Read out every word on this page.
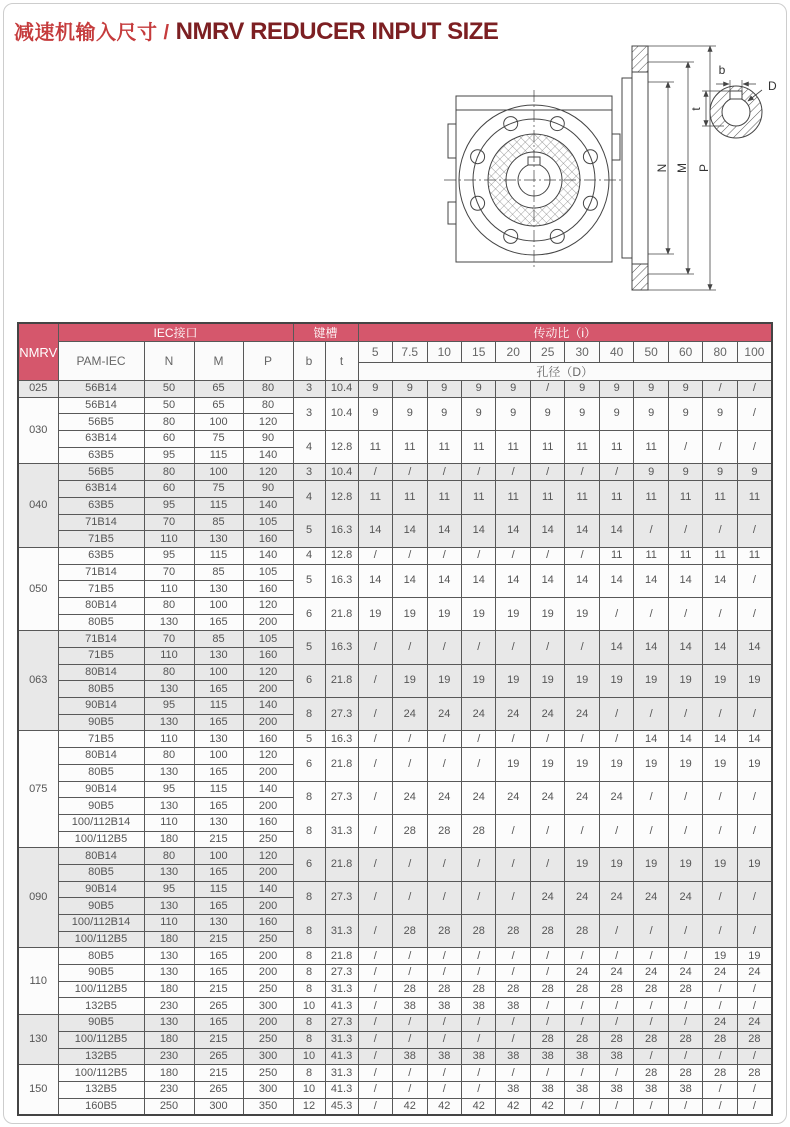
减速机输入尺寸 / NMRV REDUCER INPUT SIZE
N M P
b
D
t
NMRV	IEC接口				键槽		传动比（i）											
	PAM-IEC	N	M	P	b	t	5	7.5	10	15	20	25	30	40	50	60	80	100
							孔径（D）											
025	56B14	50	65	80	3	10.4	9	9	9	9	9	/	9	9	9	9	/	/
030	56B14	50	65	80	3	10.4	9	9	9	9	9	9	9	9	9	9	9	/
	56B5	80	100	120														
	63B14	60	75	90	4	12.8	11	11	11	11	11	11	11	11	11	/	/	/
	63B5	95	115	140														
040	56B5	80	100	120	3	10.4	/	/	/	/	/	/	/	/	9	9	9	9
	63B14	60	75	90	4	12.8	11	11	11	11	11	11	11	11	11	11	11	11
	63B5	95	115	140														
	71B14	70	85	105	5	16.3	14	14	14	14	14	14	14	14	/	/	/	/
	71B5	110	130	160														
050	63B5	95	115	140	4	12.8	/	/	/	/	/	/	/	11	11	11	11	11
	71B14	70	85	105	5	16.3	14	14	14	14	14	14	14	14	14	14	14	/
	71B5	110	130	160														
	80B14	80	100	120	6	21.8	19	19	19	19	19	19	19	/	/	/	/	/
	80B5	130	165	200														
063	71B14	70	85	105	5	16.3	/	/	/	/	/	/	/	14	14	14	14	14
	71B5	110	130	160														
	80B14	80	100	120	6	21.8	/	19	19	19	19	19	19	19	19	19	19	19
	80B5	130	165	200														
	90B14	95	115	140	8	27.3	/	24	24	24	24	24	24	/	/	/	/	/
	90B5	130	165	200														
075	71B5	110	130	160	5	16.3	/	/	/	/	/	/	/	/	14	14	14	14
	80B14	80	100	120	6	21.8	/	/	/	/	19	19	19	19	19	19	19	19
	80B5	130	165	200														
	90B14	95	115	140	8	27.3	/	24	24	24	24	24	24	24	/	/	/	/
	90B5	130	165	200														
	100/112B14	110	130	160	8	31.3	/	28	28	28	/	/	/	/	/	/	/	/
	100/112B5	180	215	250														
090	80B14	80	100	120	6	21.8	/	/	/	/	/	/	19	19	19	19	19	19
	80B5	130	165	200														
	90B14	95	115	140	8	27.3	/	/	/	/	/	24	24	24	24	24	/	/
	90B5	130	165	200														
	100/112B14	110	130	160	8	31.3	/	28	28	28	28	28	28	/	/	/	/	/
	100/112B5	180	215	250														
110	80B5	130	165	200	8	21.8	/	/	/	/	/	/	/	/	/	/	19	19
	90B5	130	165	200	8	27.3	/	/	/	/	/	/	24	24	24	24	24	24
	100/112B5	180	215	250	8	31.3	/	28	28	28	28	28	28	28	28	28	/	/
	132B5	230	265	300	10	41.3	/	38	38	38	38	/	/	/	/	/	/	/
130	90B5	130	165	200	8	27.3	/	/	/	/	/	/	/	/	/	/	24	24
	100/112B5	180	215	250	8	31.3	/	/	/	/	/	28	28	28	28	28	28	28
	132B5	230	265	300	10	41.3	/	38	38	38	38	38	38	38	/	/	/	/
150	100/112B5	180	215	250	8	31.3	/	/	/	/	/	/	/	/	28	28	28	28
	132B5	230	265	300	10	41.3	/	/	/	/	38	38	38	38	38	38	/	/
	160B5	250	300	350	12	45.3	/	42	42	42	42	42	/	/	/	/	/	/
